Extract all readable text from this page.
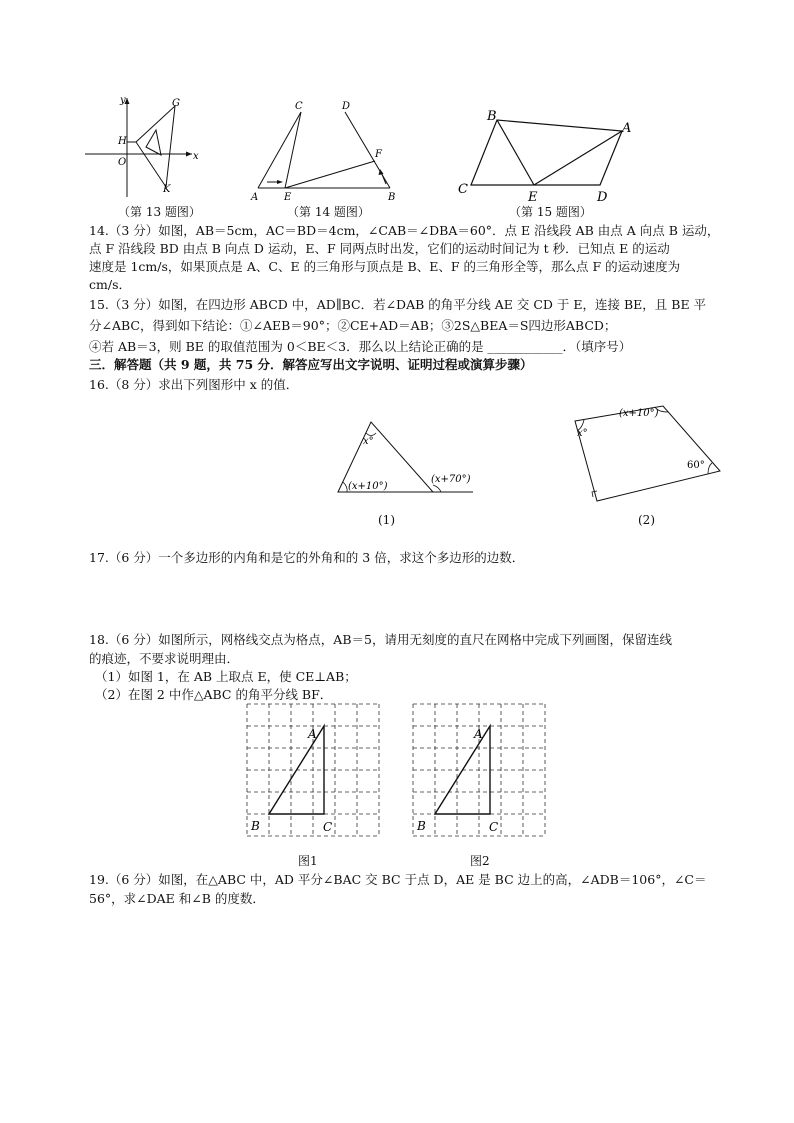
y
x
O
H
G
K
（第 13 题图）
C	D
A	E	B
F
（第 14 题图）
B
A
C
E	D
（第 15 题图）
14.（3 分）如图，AB＝5cm，AC＝BD＝4cm，∠CAB＝∠DBA＝60°．点 E 沿线段 AB 由点 A 向点 B 运动，
点 F 沿线段 BD 由点 B 向点 D 运动，E、F 同两点时出发，它们的运动时间记为 t 秒．已知点 E 的运动
速度是 1cm/s，如果顶点是 A、C、E 的三角形与顶点是 B、E、F 的三角形全等，那么点 F 的运动速度为
cm/s．
15.（3 分）如图，在四边形 ABCD 中，AD∥BC．若∠DAB 的角平分线 AE 交 CD 于 E，连接 BE，且 BE 平
分∠ABC，得到如下结论：①∠AEB＝90°；②CE+AD＝AB；③2S△BEA＝S四边形ABCD；
④若 AB＝3，则 BE 的取值范围为 0＜BE＜3．那么以上结论正确的是 ____________．（填序号）
三．解答题（共 9 题，共 75 分．解答应写出文字说明、证明过程或演算步骤）
16.（8 分）求出下列图形中 x 的值．
x°
(x+10°)
(x+70°)
(1)
x°
(x+10°)
60°
(2)
17.（6 分）一个多边形的内角和是它的外角和的 3 倍，求这个多边形的边数．
18.（6 分）如图所示，网格线交点为格点，AB＝5，请用无刻度的直尺在网格中完成下列画图，保留连线
的痕迹，不要求说明理由．
（1）如图 1，在 AB 上取点 E，使 CE⊥AB；
（2）在图 2 中作△ABC 的角平分线 BF．
A
B	C
图1
A
B	C
图2
19.（6 分）如图，在△ABC 中，AD 平分∠BAC 交 BC 于点 D，AE 是 BC 边上的高，∠ADB＝106°，∠C＝
56°，求∠DAE 和∠B 的度数．
